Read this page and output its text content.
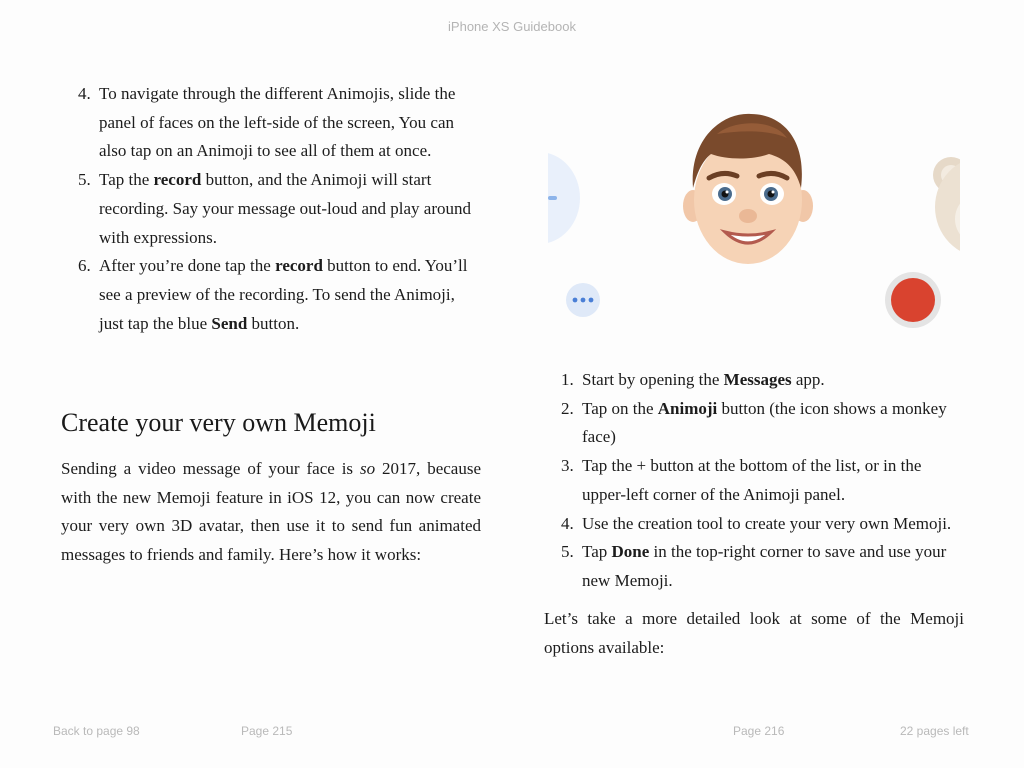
iPhone XS Guidebook
4. To navigate through the different Animojis, slide the panel of faces on the left-side of the screen, You can also tap on an Animoji to see all of them at once.
5. Tap the record button, and the Animoji will start recording. Say your message out-loud and play around with expressions.
6. After you’re done tap the record button to end. You’ll see a preview of the recording. To send the Animoji, just tap the blue Send button.
Create your very own Memoji

Sending a video message of your face is so 2017, because with the new Memoji feature in iOS 12, you can now create your very own 3D avatar, then use it to send fun animated messages to friends and family. Here’s how it works:

1. Start by opening the Messages app.
2. Tap on the Animoji button (the icon shows a monkey face)
3. Tap the + button at the bottom of the list, or in the upper-left corner of the Animoji panel.
4. Use the creation tool to create your very own Memoji.
5. Tap Done in the top-right corner to save and use your new Memoji.

Let’s take a more detailed look at some of the Memoji options available:

Back to page 98	Page 215	Page 216	22 pages left
